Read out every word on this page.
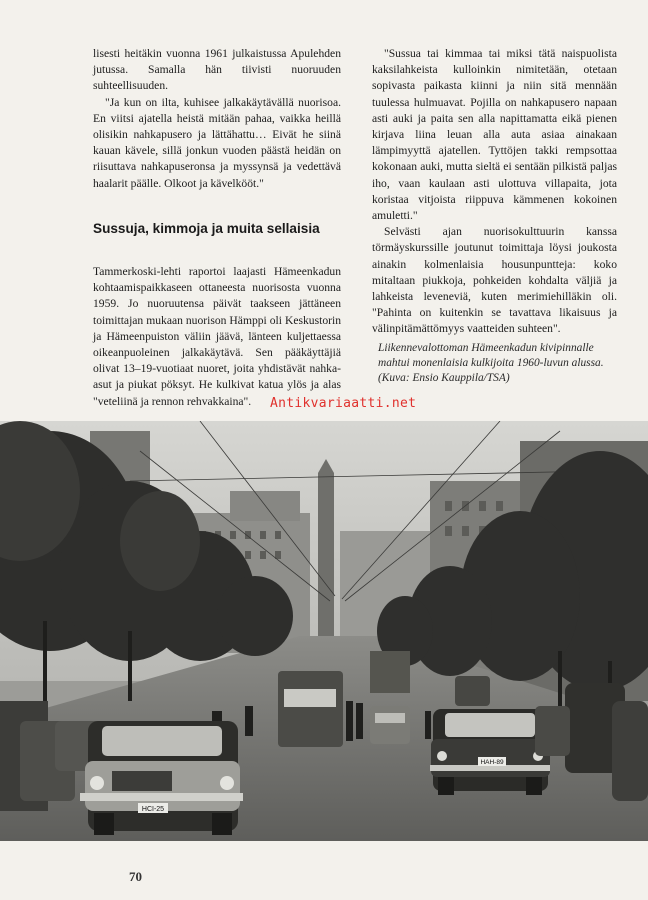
lisesti heitäkin vuonna 1961 julkaistussa Apulehden jutussa. Samalla hän tiivisti nuoruuden suhteellisuuden.

"Ja kun on ilta, kuhisee jalkakäytävällä nuorisoa. En viitsi ajatella heistä mitään pahaa, vaikka heillä olisikin nahkapusero ja lättähattu… Eivät he siinä kauan kävele, sillä jonkun vuoden päästä heidän on riisuttava nahkapuseronsa ja myssynsä ja vedettävä haalarit päälle. Olkoot ja kävelkööt."

Sussuja, kimmoja ja muita sellaisia

Tammerkoski-lehti raportoi laajasti Hämeenkadun kohtaamispaikkaseen ottaneesta nuorisosta vuonna 1959. Jo nuoruutensa päivät taakseen jättäneen toimittajan mukaan nuorison Hämppi oli Keskustorin ja Hämeenpuiston väliin jäävä, länteen kuljettaessa oikeanpuoleinen jalkakäytävä. Sen pääkäyttäjiä olivat 13–19-vuotiaat nuoret, joita yhdistävät nahka-asut ja piukat pöksyt. He kulkivat katua ylös ja alas "veteliinä ja rennon rehvakkaina".

"Sussua tai kimmaa tai miksi tätä naispuolista kaksilahkeista kulloinkin nimitetään, otetaan sopivasta paikasta kiinni ja niin sitä mennään tuulessa hulmuavat. Pojilla on nahkapusero napaan asti auki ja paita sen alla napittamatta eikä pienen kirjava liina leuan alla auta asiaa ainakaan lämpimyyttä ajatellen. Tyttöjen takki rempsottaa kokonaan auki, mutta sieltä ei sentään pilkistä paljas iho, vaan kaulaan asti ulottuva villapaita, jota koristaa vitjoista riippuva kämmenen kokoinen amuletti."

Selvästi ajan nuorisokulttuurin kanssa törmäyskurssille joutunut toimittaja löysi joukosta ainakin kolmenlaisia housunpuntteja: koko mitaltaan piukkoja, pohkeiden kohdalta väljiä ja lahkeista leveneviä, kuten merimiehilläkin oli. "Pahinta on kuitenkin se tavattava likaisuus ja välinpitämättömyys vaatteiden suhteen".

Liikennevalottoman Hämeenkadun kivipinnalle mahtui monenlaisia kulkijoita 1960-luvun alussa. (Kuva: Ensio Kauppila/TSA)
Antikvariaatti.net
HCI-25
HAH-89
70
